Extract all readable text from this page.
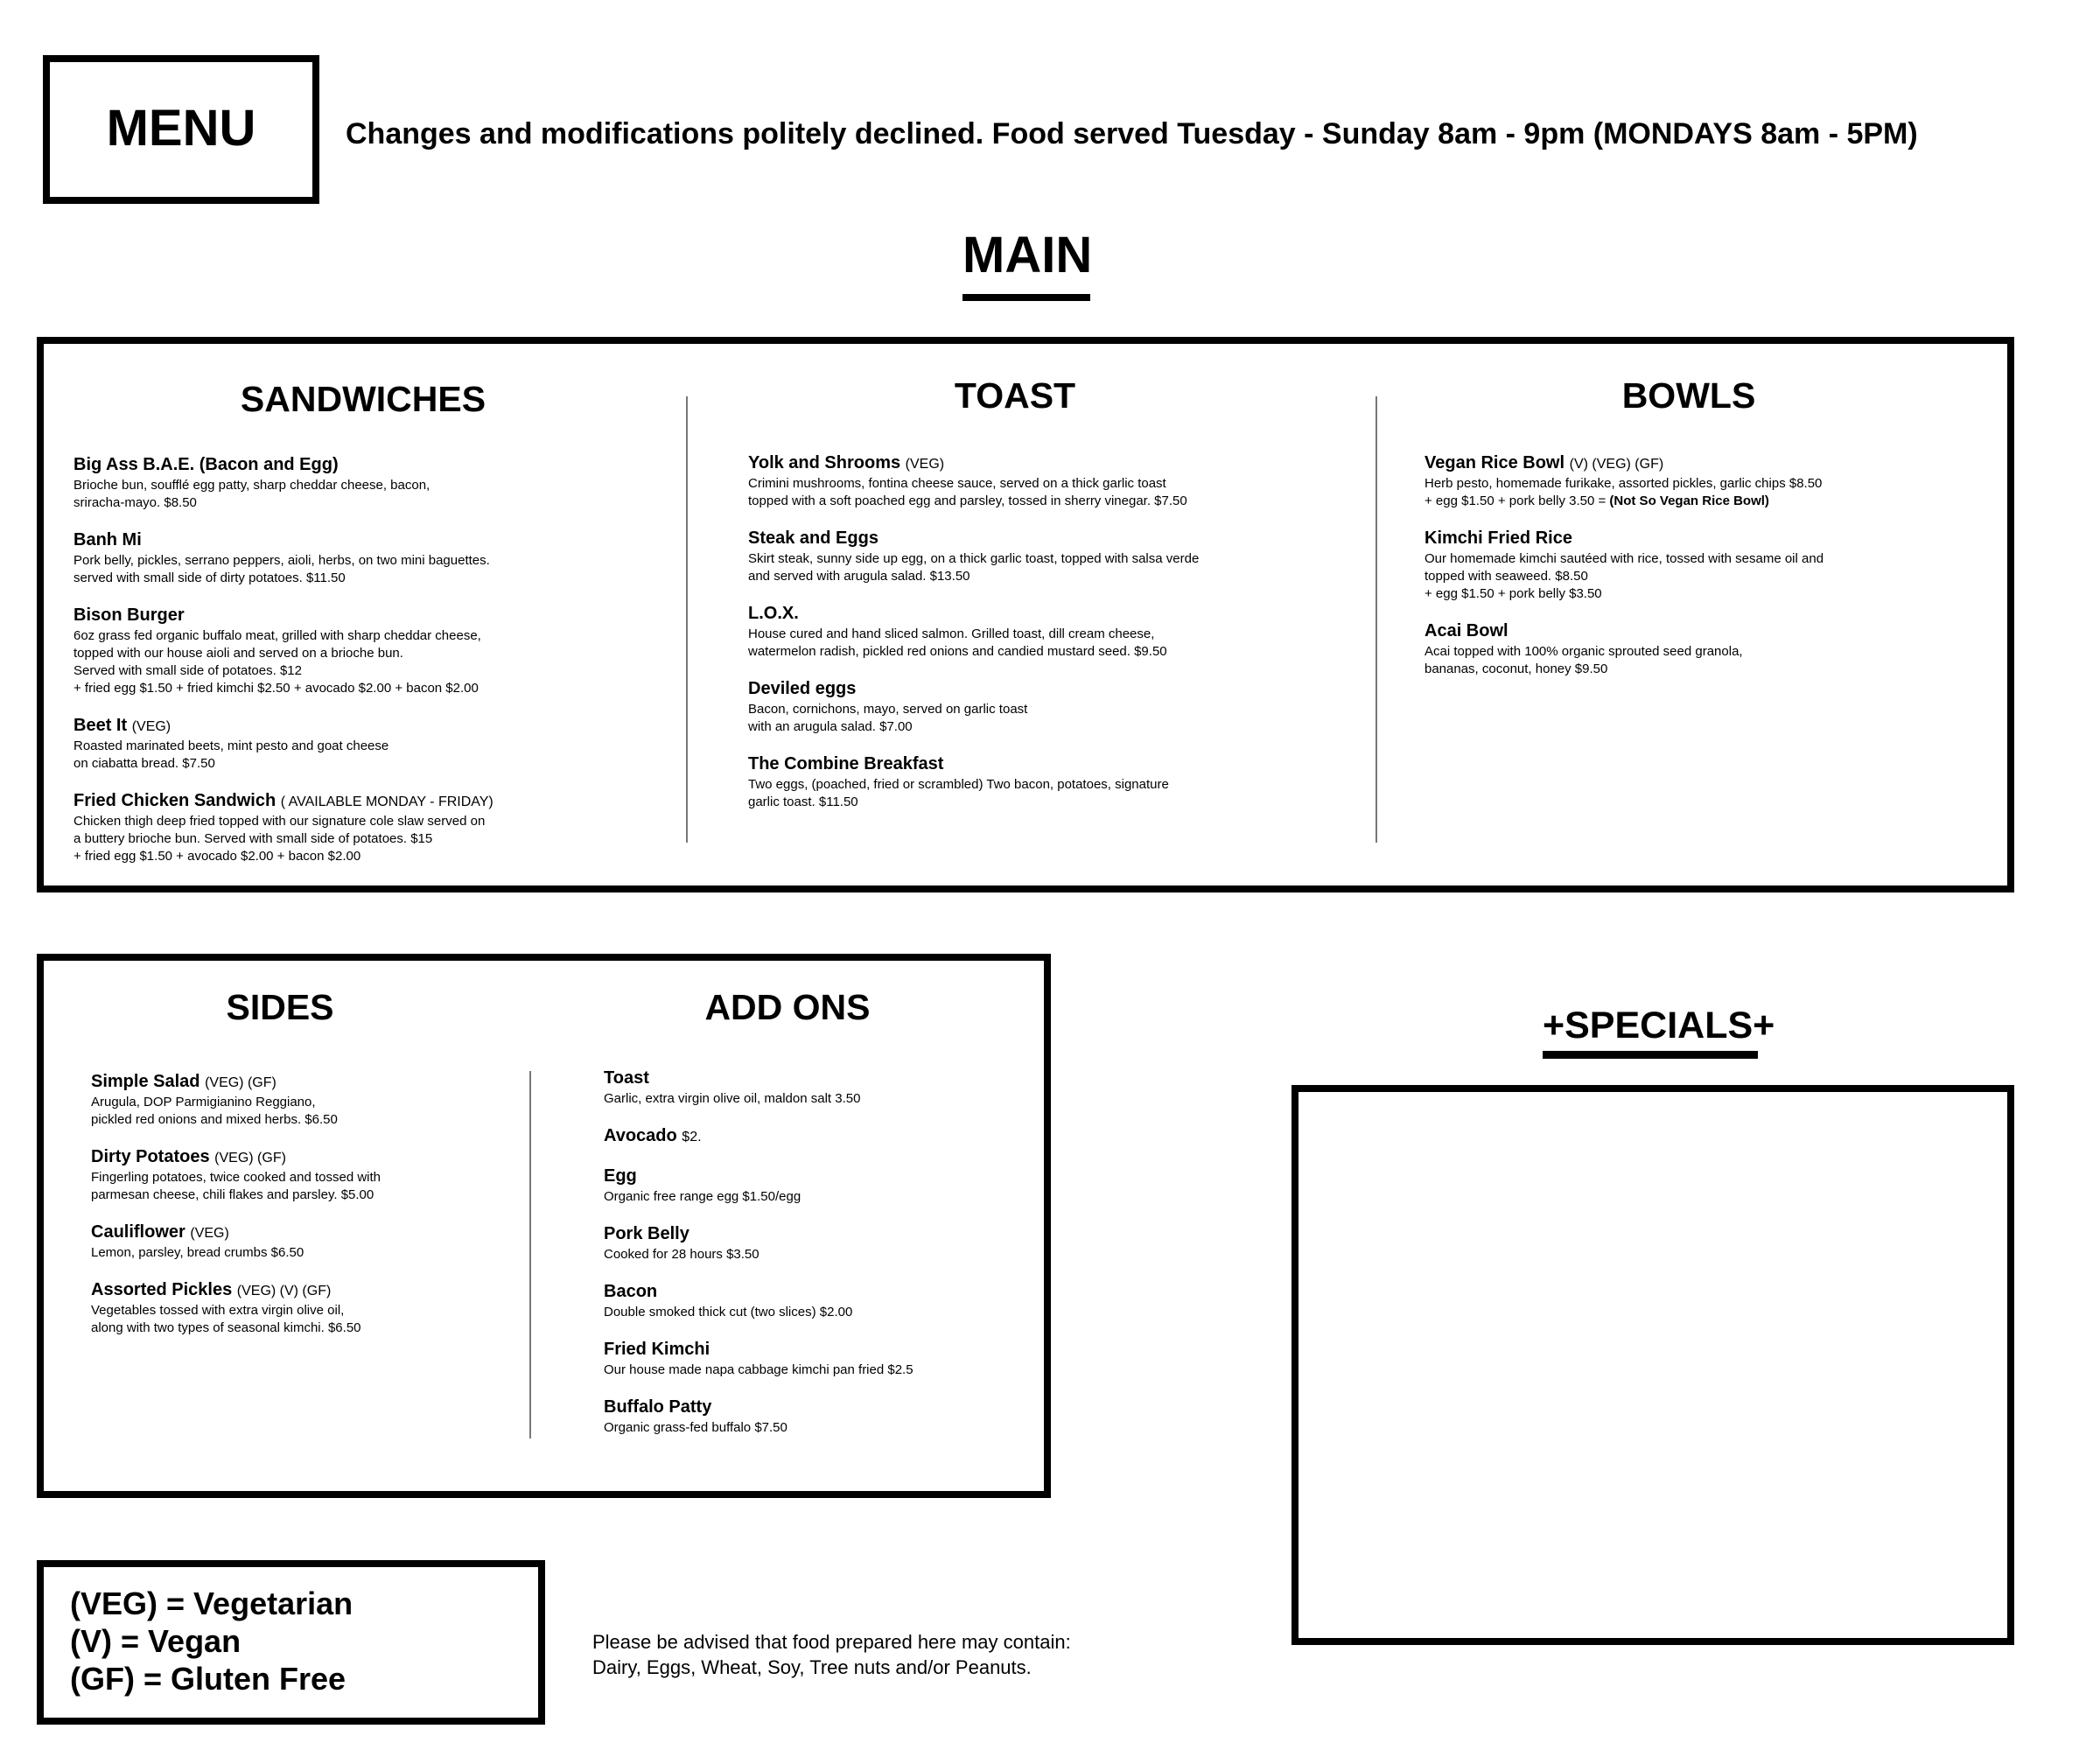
MENU	Changes and modifications politely declined. Food served Tuesday - Sunday 8am - 9pm (MONDAYS 8am - 5PM)
MAIN
SANDWICHES	TOAST	BOWLS
Big Ass B.A.E. (Bacon and Egg)
Brioche bun, soufflé egg patty, sharp cheddar cheese, bacon,
sriracha-mayo. $8.50
Banh Mi
Pork belly, pickles, serrano peppers, aioli, herbs, on two mini baguettes.
served with small side of dirty potatoes. $11.50
Bison Burger
6oz grass fed organic buffalo meat, grilled with sharp cheddar cheese,
topped with our house aioli and served on a brioche bun.
Served with small side of potatoes. $12
+ fried egg $1.50 + fried kimchi $2.50 + avocado $2.00 + bacon $2.00
Beet It (VEG)
Roasted marinated beets, mint pesto and goat cheese
on ciabatta bread. $7.50
Fried Chicken Sandwich ( AVAILABLE MONDAY - FRIDAY)
Chicken thigh deep fried topped with our signature cole slaw served on
a buttery brioche bun. Served with small side of potatoes. $15
+ fried egg $1.50 + avocado $2.00 + bacon $2.00
Yolk and Shrooms (VEG)
Crimini mushrooms, fontina cheese sauce, served on a thick garlic toast
topped with a soft poached egg and parsley, tossed in sherry vinegar. $7.50
Steak and Eggs
Skirt steak, sunny side up egg, on a thick garlic toast, topped with salsa verde
and served with arugula salad. $13.50
L.O.X.
House cured and hand sliced salmon. Grilled toast, dill cream cheese,
watermelon radish, pickled red onions and candied mustard seed. $9.50
Deviled eggs
Bacon, cornichons, mayo, served on garlic toast
with an arugula salad. $7.00
The Combine Breakfast
Two eggs, (poached, fried or scrambled) Two bacon, potatoes, signature
garlic toast. $11.50
Vegan Rice Bowl (V) (VEG) (GF)
Herb pesto, homemade furikake, assorted pickles, garlic chips $8.50
+ egg $1.50 + pork belly 3.50 = (Not So Vegan Rice Bowl)
Kimchi Fried Rice
Our homemade kimchi sautéed with rice, tossed with sesame oil and
topped with seaweed. $8.50
+ egg $1.50 + pork belly $3.50
Acai Bowl
Acai topped with 100% organic sprouted seed granola,
bananas, coconut, honey $9.50
SIDES	ADD ONS
Simple Salad (VEG) (GF)
Arugula, DOP Parmigianino Reggiano,
pickled red onions and mixed herbs. $6.50
Dirty Potatoes (VEG) (GF)
Fingerling potatoes, twice cooked and tossed with
parmesan cheese, chili flakes and parsley. $5.00
Cauliflower (VEG)
Lemon, parsley, bread crumbs $6.50
Assorted Pickles (VEG) (V) (GF)
Vegetables tossed with extra virgin olive oil,
along with two types of seasonal kimchi. $6.50
Toast
Garlic, extra virgin olive oil, maldon salt 3.50
Avocado $2.
Egg
Organic free range egg $1.50/egg
Pork Belly
Cooked for 28 hours $3.50
Bacon
Double smoked thick cut (two slices) $2.00
Fried Kimchi
Our house made napa cabbage kimchi pan fried $2.5
Buffalo Patty
Organic grass-fed buffalo $7.50
+SPECIALS+
(VEG) = Vegetarian
(V) = Vegan
(GF) = Gluten Free
Please be advised that food prepared here may contain:
Dairy, Eggs, Wheat, Soy, Tree nuts and/or Peanuts.
